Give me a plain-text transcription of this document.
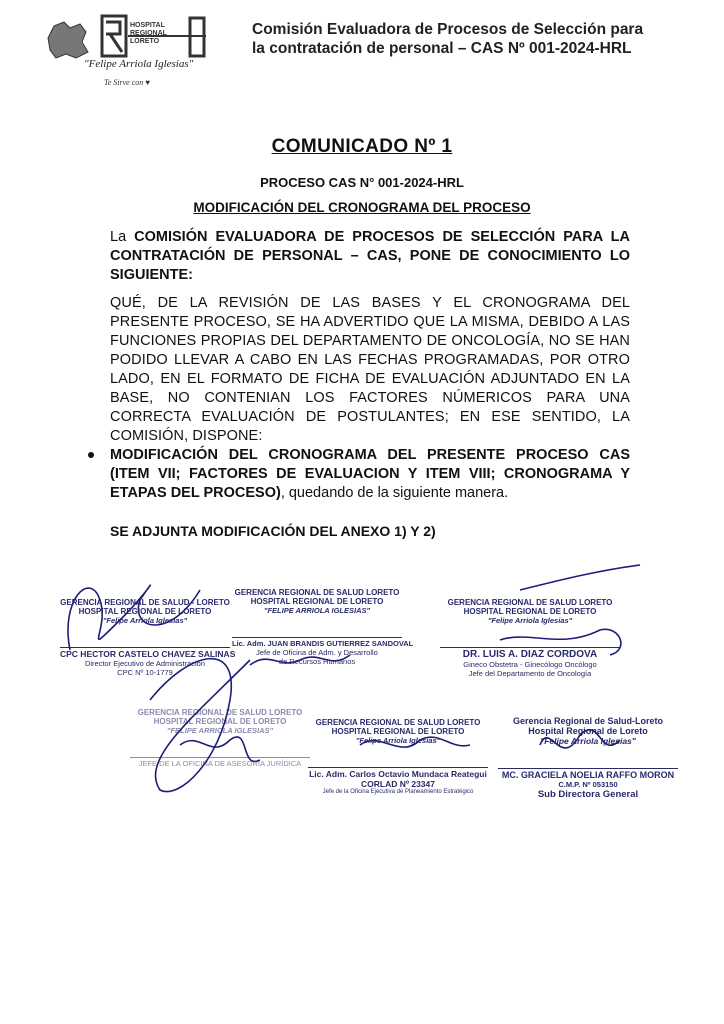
HOSPITAL REGIONAL LORETO
"Felipe Arriola Iglesias"
Te Sirve con ♥
Comisión Evaluadora de Procesos de Selección para
la contratación de personal – CAS Nº 001-2024-HRL
COMUNICADO Nº 1
PROCESO CAS N° 001-2024-HRL
MODIFICACIÓN DEL CRONOGRAMA DEL PROCESO
La COMISIÓN EVALUADORA DE PROCESOS DE SELECCIÓN PARA LA CONTRATACIÓN DE PERSONAL – CAS, PONE DE CONOCIMIENTO LO SIGUIENTE:
QUÉ, DE LA REVISIÓN DE LAS BASES Y EL CRONOGRAMA DEL PRESENTE PROCESO, SE HA ADVERTIDO QUE LA MISMA, DEBIDO A LAS FUNCIONES PROPIAS DEL DEPARTAMENTO DE ONCOLOGÍA, NO SE HAN PODIDO LLEVAR A CABO EN LAS FECHAS PROGRAMADAS, POR OTRO LADO, EN EL FORMATO DE FICHA DE EVALUACIÓN ADJUNTADO EN LA BASE, NO CONTENIAN LOS FACTORES NÚMERICOS PARA UNA CORRECTA EVALUACIÓN DE POSTULANTES; EN ESE SENTIDO, LA COMISIÓN, DISPONE:
MODIFICACIÓN DEL CRONOGRAMA DEL PRESENTE PROCESO CAS (ITEM VII; FACTORES DE EVALUACION Y ITEM VIII; CRONOGRAMA Y ETAPAS DEL PROCESO), quedando de la siguiente manera.
SE ADJUNTA MODIFICACIÓN DEL ANEXO 1) Y 2)
GERENCIA REGIONAL DE SALUD - LORETO
HOSPITAL REGIONAL DE LORETO
"Felipe Arriola Iglesias"
CPC HECTOR CASTELO CHAVEZ SALINAS
Director Ejecutivo de Administración
CPC Nº 10-1779
GERENCIA REGIONAL DE SALUD LORETO
HOSPITAL REGIONAL DE LORETO
"FELIPE ARRIOLA IGLESIAS"
Lic. Adm. JUAN BRANDIS GUTIERREZ SANDOVAL
Jefe de Oficina de Adm. y Desarrollo
de Recursos Humanos
GERENCIA REGIONAL DE SALUD LORETO
HOSPITAL REGIONAL DE LORETO
"Felipe Arriola Iglesias"
DR. LUIS A. DIAZ CORDOVA
Gineco Obstetra - Ginecólogo Oncólogo
Jefe del Departamento de Oncología
GERENCIA REGIONAL DE SALUD LORETO
HOSPITAL REGIONAL DE LORETO
"FELIPE ARRIOLA IGLESIAS"
JEFE DE LA OFICINA DE ASESORÍA JURÍDICA
GERENCIA REGIONAL DE SALUD LORETO
HOSPITAL REGIONAL DE LORETO
"Felipe Arriola Iglesias"
Lic. Adm. Carlos Octavio Mundaca Reategui
CORLAD Nº 23347
Jefe de la Oficina Ejecutiva de Planeamiento Estratégico
Gerencia Regional de Salud-Loreto
Hospital Regional de Loreto
"Felipe Arriola Iglesias"
MC. GRACIELA NOELIA RAFFO MORON
C.M.P. Nº 053150
Sub Directora General
